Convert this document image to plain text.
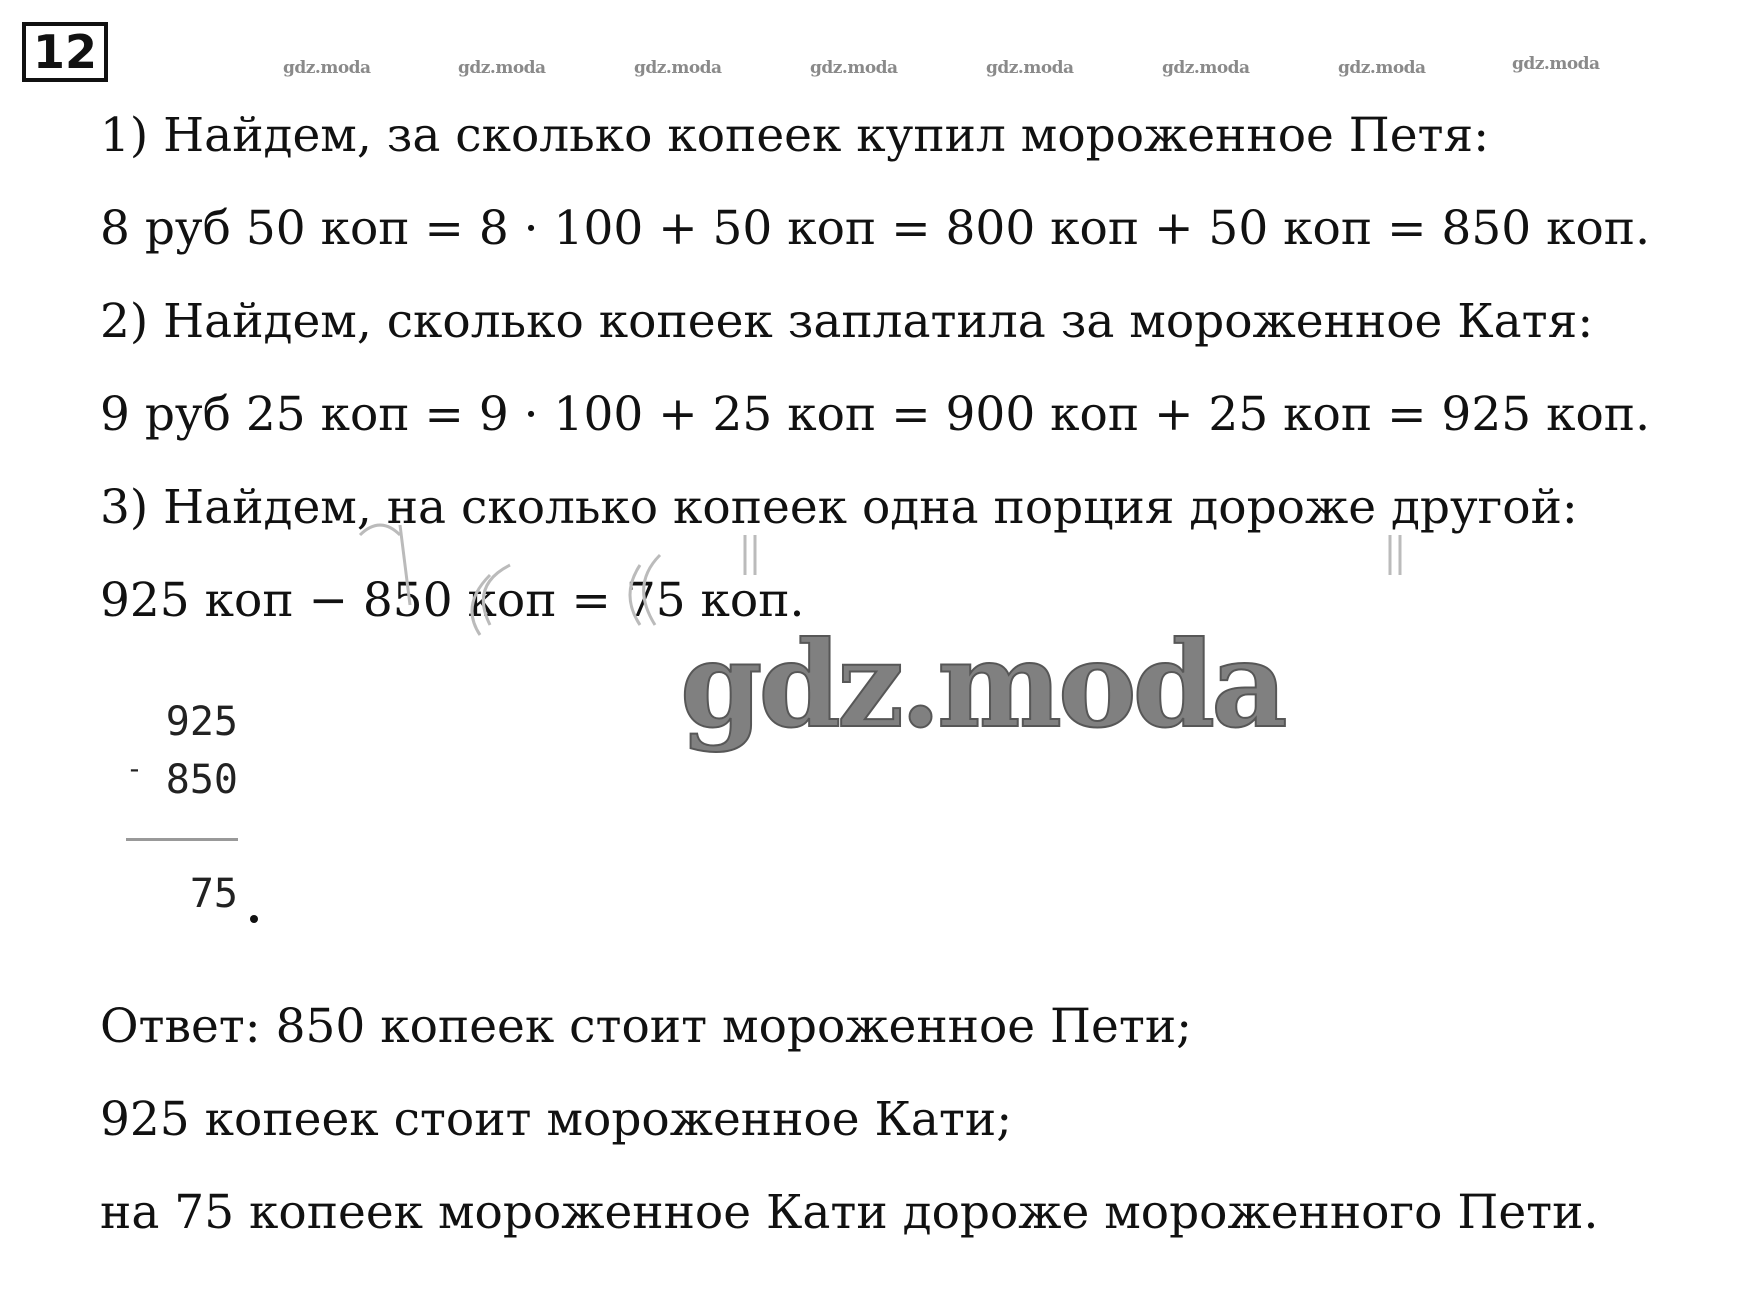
12	gdz.moda	gdz.moda	gdz.moda	gdz.moda	gdz.moda	gdz.moda	gdz.moda	gdz.moda
1) Найдем, за сколько копеек купил мороженное Петя:
8 руб 50 коп = 8 · 100 + 50 коп = 800 коп + 50 коп = 850 коп.
2) Найдем, сколько копеек заплатила за мороженное Катя:
9 руб 25 коп = 9 · 100 + 25 коп = 900 коп + 25 коп = 925 коп.
3) Найдем, на сколько копеек одна порция дороже другой:
925 коп − 850 коп = 75 коп.
gdz.moda
925
- 850
75
Ответ: 850 копеек стоит мороженное Пети;
925 копеек стоит мороженное Кати;
на 75 копеек мороженное Кати дороже мороженного Пети.
